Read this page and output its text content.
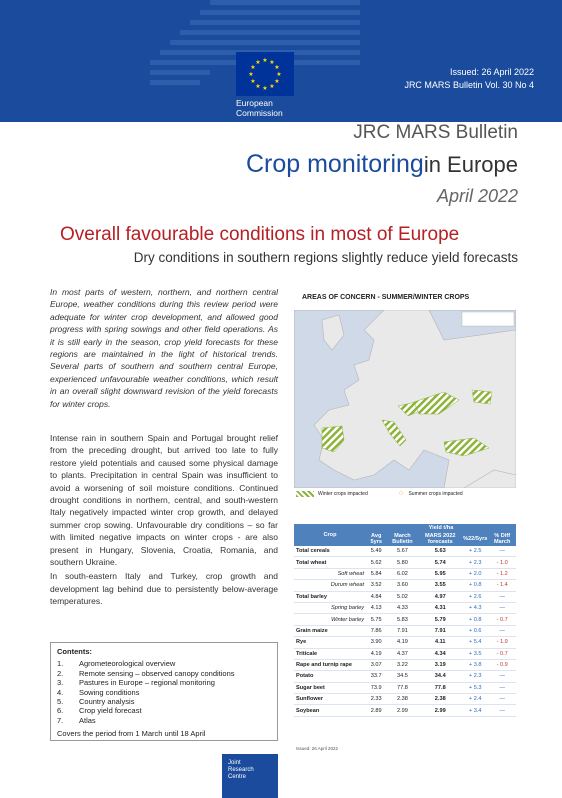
★ ★
★
★
★
★
★
★
★
★
★
★
European
Commission
Issued: 26 April 2022
JRC MARS Bulletin Vol. 30 No 4
JRC MARS Bulletin
Crop monitoringin Europe
April 2022
Overall favourable conditions in most of Europe
Dry conditions in southern regions slightly reduce yield forecasts
In most parts of western, northern, and northern central Europe, weather conditions during this review period were adequate for winter crop development, and allowed good progress with spring sowings and other field operations. As it is still early in the season, crop yield forecasts for these regions are maintained in the light of historical trends. Several parts of southern and southern central Europe, experienced unfavourable weather conditions, which result in an overall slight downward revision of the yield forecasts for winter crops.

Intense rain in southern Spain and Portugal brought relief from the preceding drought, but arrived too late to fully restore yield potentials and caused some physical damage to plants. Precipitation in central Spain was insufficient to avoid a worsening of soil moisture conditions. Continued drought conditions in northern, central, and south-western Italy negatively impacted winter crop growth, and delayed summer crop sowing. Unfavourable dry conditions – so far with limited negative impacts on winter crops - are also present in Hungary, Slovenia, Croatia, Romania, and southern Ukraine.

In south-eastern Italy and Turkey, crop growth and development lag behind due to persistently below-average temperatures.

Contents:
1.	Agrometeorological overview
2.	Remote sensing – observed canopy conditions
3.	Pastures in Europe – regional monitoring
4.	Sowing conditions
5.	Country analysis
6.	Crop yield forecast
7.	Atlas
Covers the period from 1 March until 18 April
AREAS OF CONCERN - SUMMER/WINTER CROPS
Winter crops impacted	⁘ Summer crops impacted
Crop	Yield t/ha				
	Avg 5yrs	March Bulletin	MARS 2022 forecasts	%22/5yrs	% Diff March
Total cereals	5.49	5.67	5.63	+ 2.5	—
Total wheat	5.62	5.80	5.74	+ 2.3	- 1.0
Soft wheat	5.84	6.02	5.95	+ 2.0	- 1.2
Durum wheat	3.52	3.60	3.55	+ 0.8	- 1.4
Total barley	4.84	5.02	4.97	+ 2.6	—
Spring barley	4.13	4.33	4.31	+ 4.3	—
Winter barley	5.75	5.83	5.79	+ 0.8	- 0.7
Grain maize	7.86	7.91	7.91	+ 0.6	—
Rye	3.90	4.19	4.11	+ 5.4	- 1.9
Triticale	4.19	4.37	4.34	+ 3.5	- 0.7
Rape and turnip rape	3.07	3.22	3.19	+ 3.8	- 0.9
Potato	33.7	34.5	34.4	+ 2.3	—
Sugar beet	73.9	77.8	77.8	+ 5.3	—
Sunflower	2.33	2.38	2.38	+ 2.4	—
Soybean	2.89	2.99	2.99	+ 3.4	—
Issued: 26 April 2022
Joint
Research
Centre
